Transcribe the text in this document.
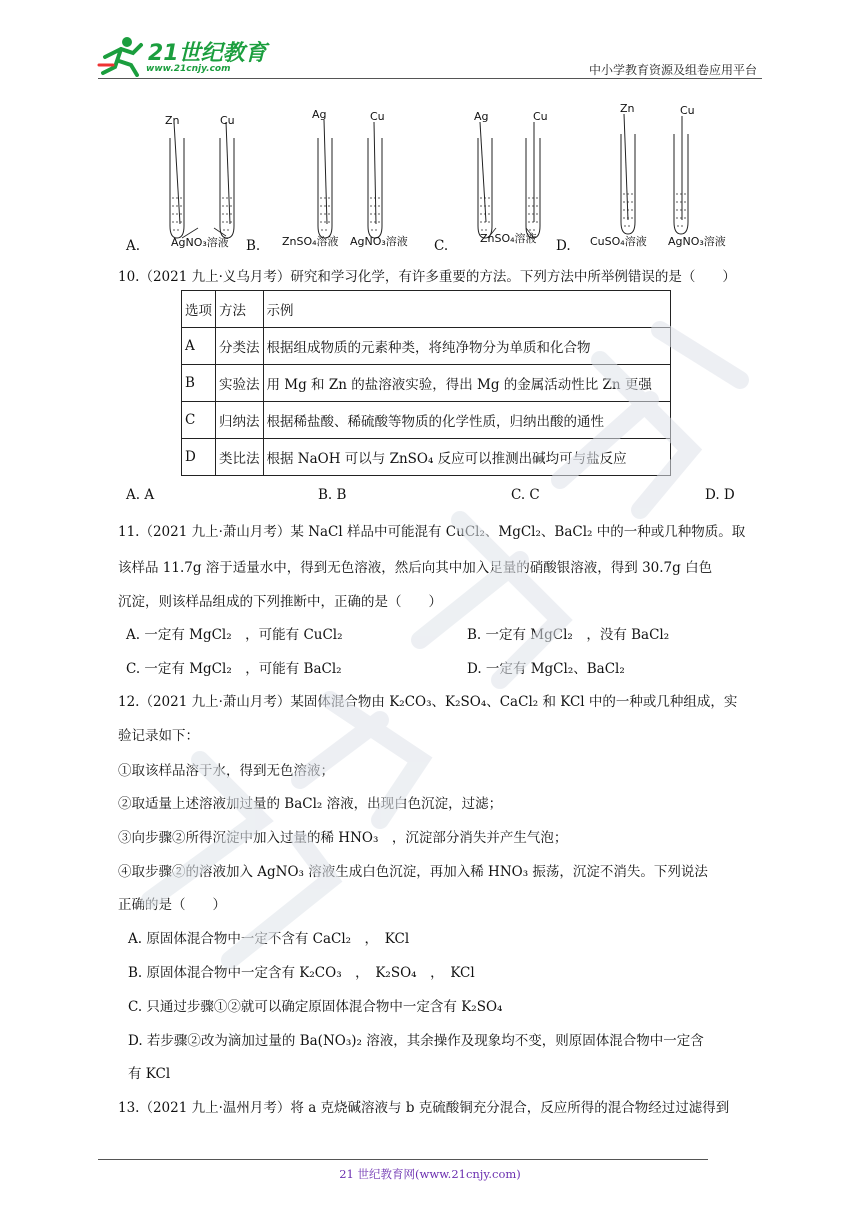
21世纪教育
www.21cnjy.com	中小学教育资源及组卷应用平台
Zn	Cu	Ag	Cu	Ag	Cu
Zn	Cu
A.	AgNO₃溶液 B. ZnSO₄溶液 AgNO₃溶液 C.	ZnSO₄溶液 D. CuSO₄溶液 AgNO₃溶液
10.（2021 九上·义乌月考）研究和学习化学，有许多重要的方法。下列方法中所举例错误的是（　　）
选项	方法	示例
A	分类法	根据组成物质的元素种类，将纯净物分为单质和化合物
B	实验法	用 Mg 和 Zn 的盐溶液实验，得出 Mg 的金属活动性比 Zn 更强
C	归纳法	根据稀盐酸、稀硫酸等物质的化学性质，归纳出酸的通性
D	类比法	根据 NaOH 可以与 ZnSO₄ 反应可以推测出碱均可与盐反应
A. A	B. B	C. C	D. D
11.（2021 九上·萧山月考）某 NaCl 样品中可能混有 CuCl₂、MgCl₂、BaCl₂ 中的一种或几种物质。取
该样品 11.7g 溶于适量水中，得到无色溶液，然后向其中加入足量的硝酸银溶液，得到 30.7g 白色
沉淀，则该样品组成的下列推断中，正确的是（　　）
A. 一定有 MgCl₂　，可能有 CuCl₂	B. 一定有 MgCl₂　，没有 BaCl₂
C. 一定有 MgCl₂　，可能有 BaCl₂	D. 一定有 MgCl₂、BaCl₂
12.（2021 九上·萧山月考）某固体混合物由 K₂CO₃、K₂SO₄、CaCl₂ 和 KCl 中的一种或几种组成，实
验记录如下：
①取该样品溶于水，得到无色溶液；
②取适量上述溶液加过量的 BaCl₂ 溶液，出现白色沉淀，过滤；
③向步骤②所得沉淀中加入过量的稀 HNO₃　，沉淀部分消失并产生气泡；
④取步骤②的溶液加入 AgNO₃ 溶液生成白色沉淀，再加入稀 HNO₃ 振荡，沉淀不消失。下列说法
正确的是（　　）
A. 原固体混合物中一定不含有 CaCl₂　，　KCl
B. 原固体混合物中一定含有 K₂CO₃　，　K₂SO₄　，　KCl
C. 只通过步骤①②就可以确定原固体混合物中一定含有 K₂SO₄
D. 若步骤②改为滴加过量的 Ba(NO₃)₂ 溶液，其余操作及现象均不变，则原固体混合物中一定含
有 KCl
13.（2021 九上·温州月考）将 a 克烧碱溶液与 b 克硫酸铜充分混合，反应所得的混合物经过过滤得到
21 世纪教育网(www.21cnjy.com)
